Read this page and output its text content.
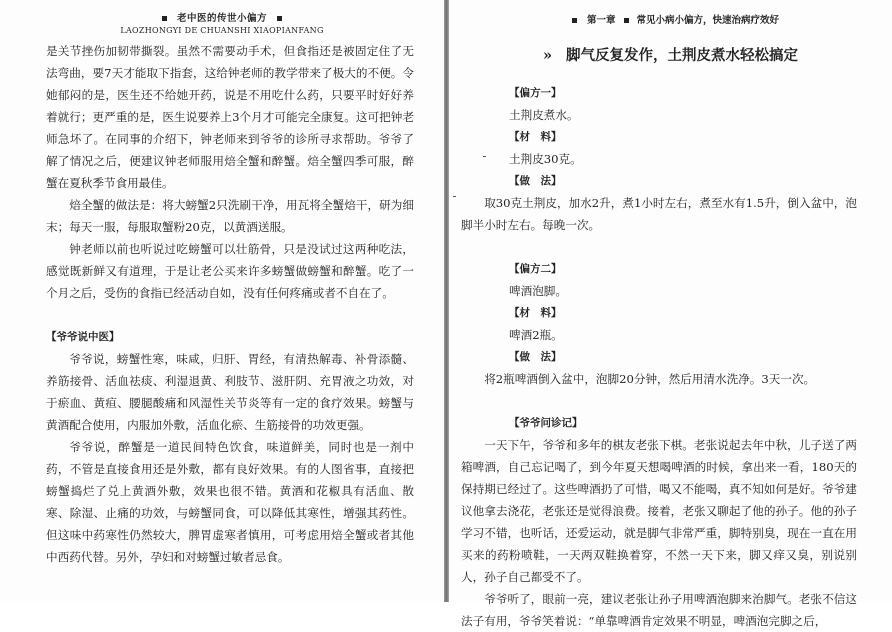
老中医的传世小偏方
LAOZHONGYI DE CHUANSHI XIAOPIANFANG

是关节挫伤加韧带撕裂。虽然不需要动手术，但食指还是被固定住了无法弯曲，要7天才能取下指套，这给钟老师的教学带来了极大的不便。令她郁闷的是，医生还不给她开药，说是不用吃什么药，只要平时好好养着就行；更严重的是，医生说要养上3个月才可能完全康复。这可把钟老师急坏了。在同事的介绍下，钟老师来到爷爷的诊所寻求帮助。爷爷了解了情况之后，便建议钟老师服用焙全蟹和醉蟹。焙全蟹四季可服，醉蟹在夏秋季节食用最佳。

焙全蟹的做法是：将大螃蟹2只洗刷干净，用瓦将全蟹焙干，研为细末；每天一服，每服取蟹粉20克，以黄酒送服。

钟老师以前也听说过吃螃蟹可以壮筋骨，只是没试过这两种吃法，感觉既新鲜又有道理，于是让老公买来许多螃蟹做螃蟹和醉蟹。吃了一个月之后，受伤的食指已经活动自如，没有任何疼痛或者不自在了。

【爷爷说中医】

爷爷说，螃蟹性寒，味咸，归肝、胃经，有清热解毒、补骨添髓、养筋接骨、活血祛痰、利湿退黄、利肢节、滋肝阴、充胃液之功效，对于瘀血、黄疸、腰腿酸痛和风湿性关节炎等有一定的食疗效果。螃蟹与黄酒配合使用，内服加外敷，活血化瘀、生筋接骨的功效更强。

爷爷说，醉蟹是一道民间特色饮食，味道鲜美，同时也是一剂中药，不管是直接食用还是外敷，都有良好效果。有的人图省事，直接把螃蟹捣烂了兑上黄酒外敷，效果也很不错。黄酒和花椒具有活血、散寒、除湿、止痛的功效，与螃蟹同食，可以降低其寒性，增强其药性。但这味中药寒性仍然较大，脾胃虚寒者慎用，可考虑用焙全蟹或者其他中西药代替。另外，孕妇和对螃蟹过敏者忌食。

第一章 常见小病小偏方，快速治病疗效好
» 脚气反复发作，土荆皮煮水轻松搞定

【偏方一】

土荆皮煮水。

【材　料】

土荆皮30克。

【做　法】

取30克土荆皮，加水2升，煮1小时左右，煮至水有1.5升，倒入盆中，泡脚半小时左右。每晚一次。

【偏方二】

啤酒泡脚。

【材　料】

啤酒2瓶。

【做　法】

将2瓶啤酒倒入盆中，泡脚20分钟，然后用清水洗净。3天一次。

【爷爷问诊记】

一天下午，爷爷和多年的棋友老张下棋。老张说起去年中秋，儿子送了两箱啤酒，自己忘记喝了，到今年夏天想喝啤酒的时候，拿出来一看，180天的保持期已经过了。这些啤酒扔了可惜，喝又不能喝，真不知如何是好。爷爷建议他拿去浇花，老张还是觉得浪费。接着，老张又聊起了他的孙子。他的孙子学习不错，也听话，还爱运动，就是脚气非常严重，脚特别臭，现在一直在用买来的药粉喷鞋，一天两双鞋换着穿，不然一天下来，脚又痒又臭，别说别人，孙子自己都受不了。

爷爷听了，眼前一亮，建议老张让孙子用啤酒泡脚来治脚气。老张不信这法子有用，爷爷笑着说：“单靠啤酒肯定效果不明显，啤酒泡完脚之后，
